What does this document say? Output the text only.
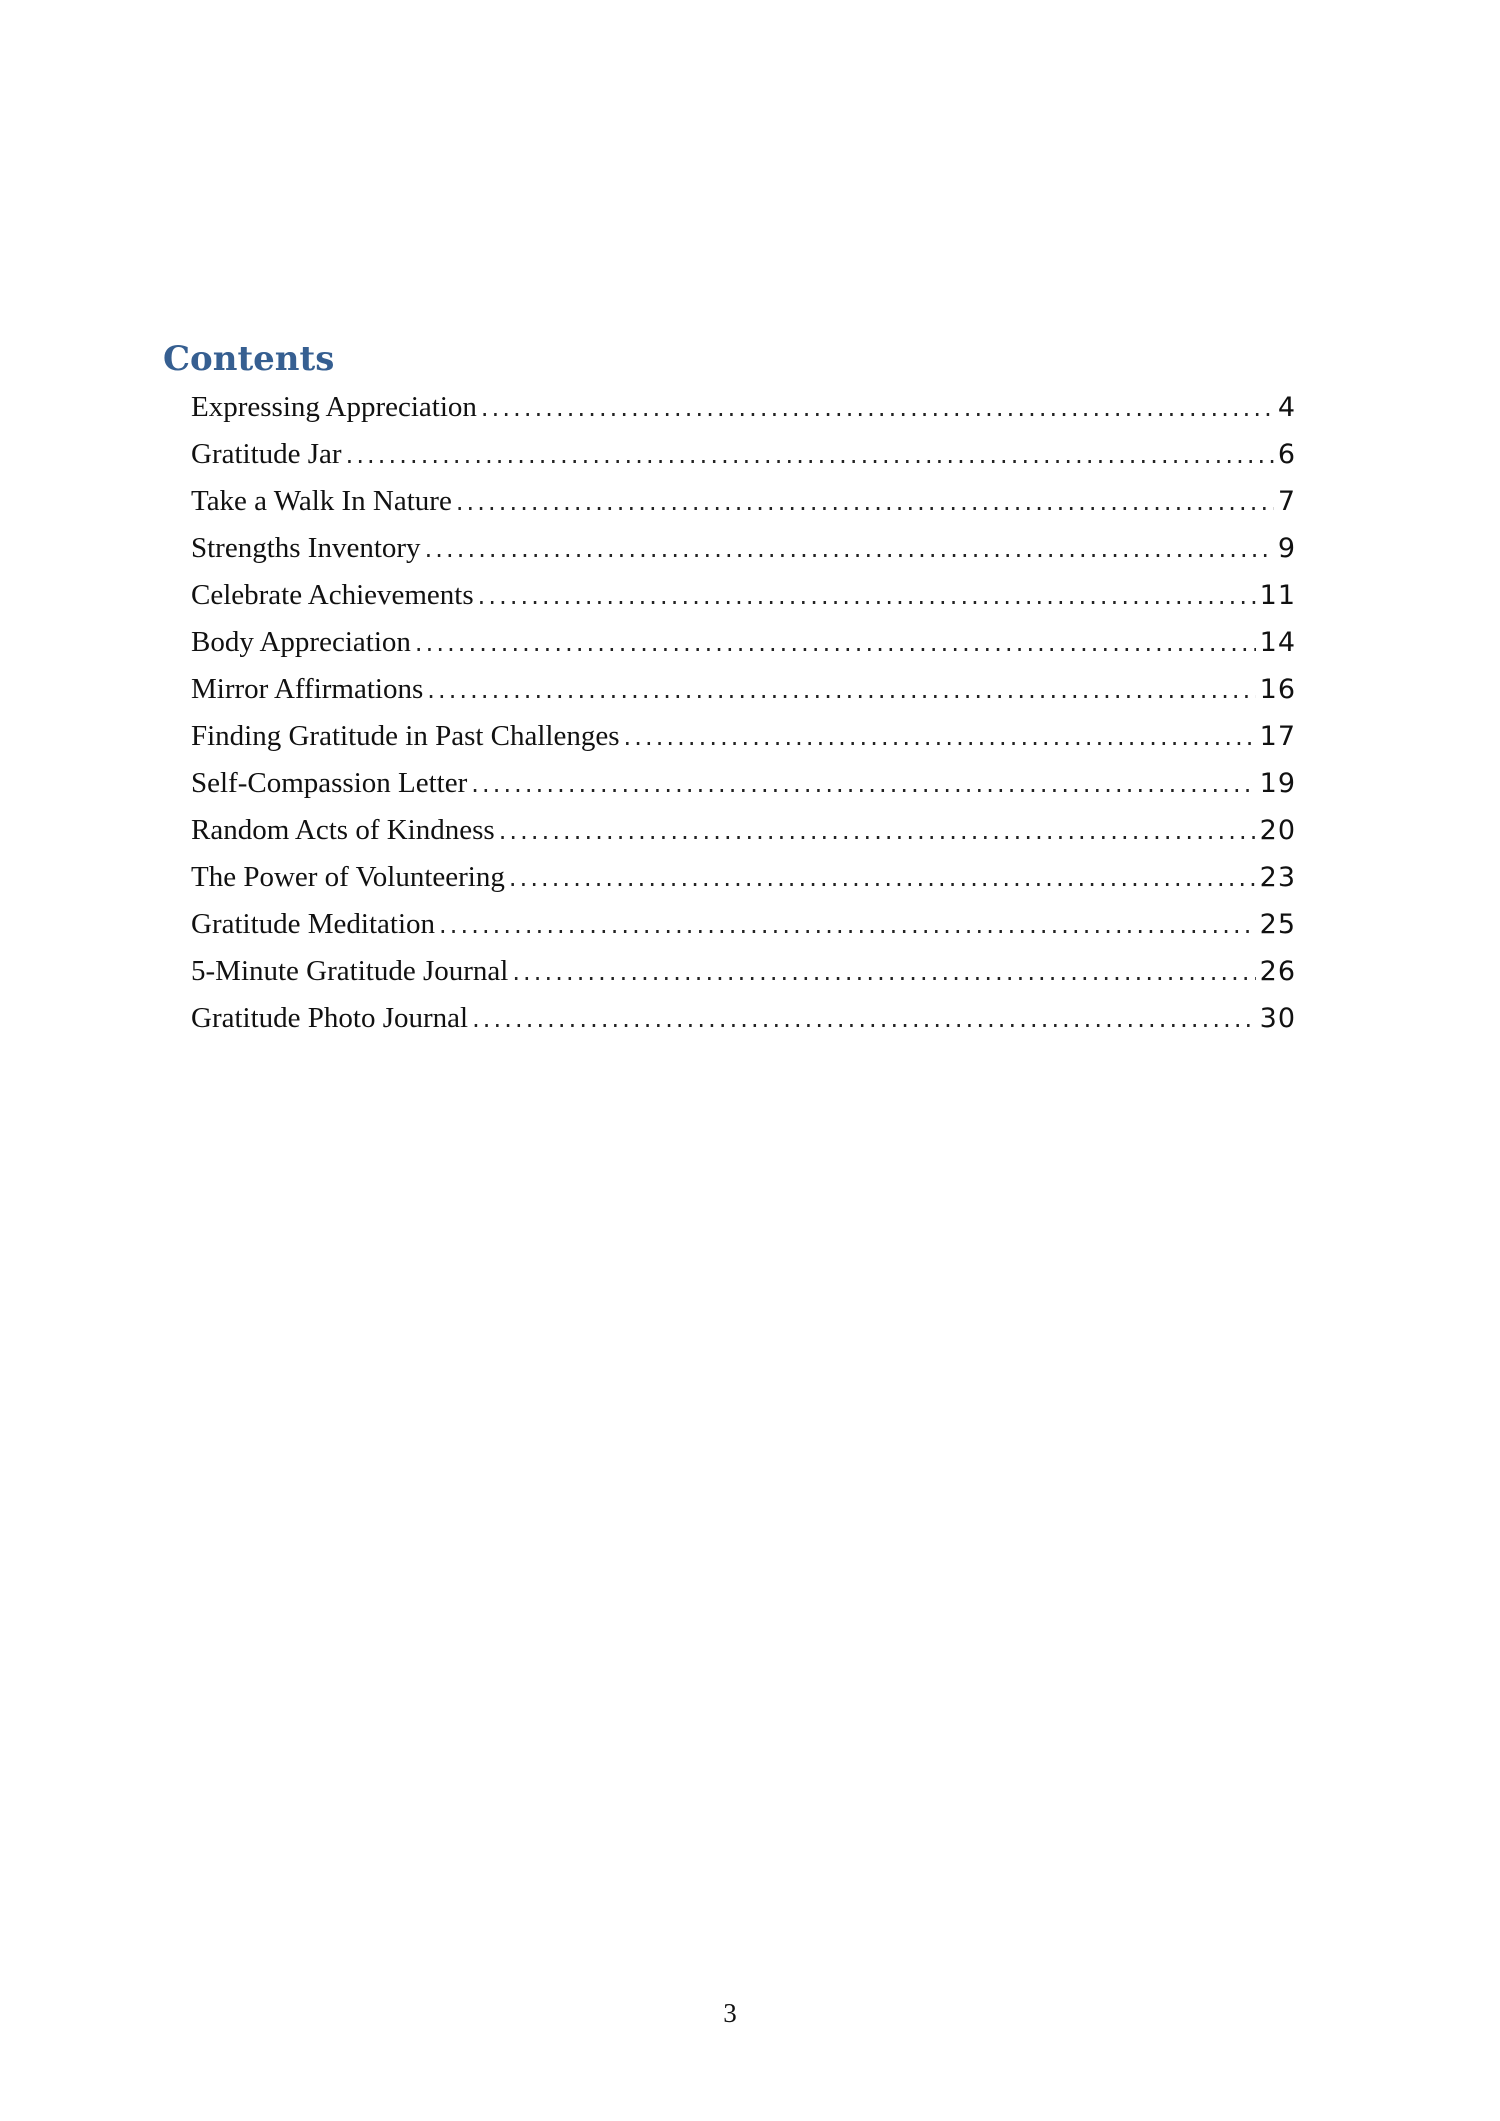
Contents
Expressing Appreciation .....	4
Gratitude Jar .....	6
Take a Walk In Nature .....	7
Strengths Inventory .....	9
Celebrate Achievements .....	11
Body Appreciation .....	14
Mirror Affirmations .....	16
Finding Gratitude in Past Challenges .....	17
Self-Compassion Letter .....	19
Random Acts of Kindness .....	20
The Power of Volunteering .....	23
Gratitude Meditation .....	25
5-Minute Gratitude Journal .....	26
Gratitude Photo Journal .....	30
3
